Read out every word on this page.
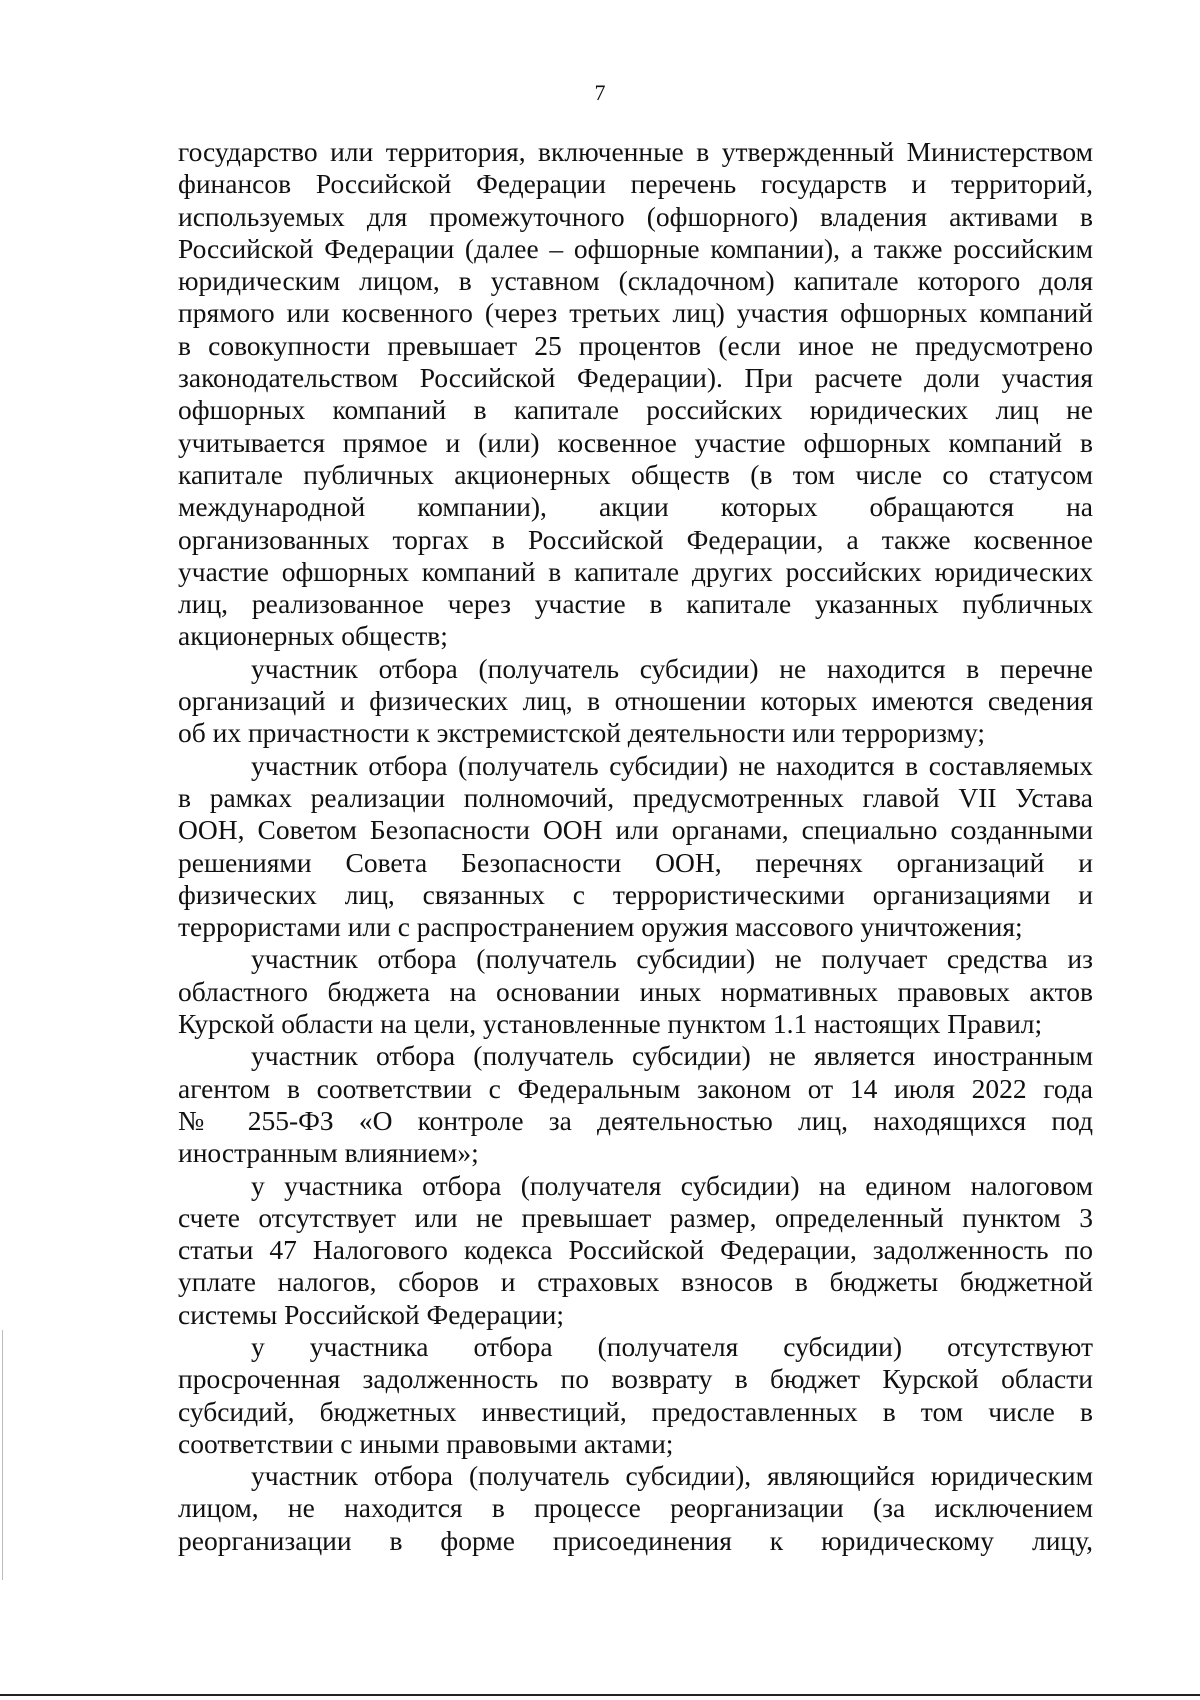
7
государство или территория, включенные в утвержденный Министерством
финансов Российской Федерации перечень государств и территорий,
используемых для промежуточного (офшорного) владения активами в
Российской Федерации (далее – офшорные компании), а также российским
юридическим лицом, в уставном (складочном) капитале которого доля
прямого или косвенного (через третьих лиц) участия офшорных компаний
в совокупности превышает 25 процентов (если иное не предусмотрено
законодательством Российской Федерации). При расчете доли участия
офшорных компаний в капитале российских юридических лиц не
учитывается прямое и (или) косвенное участие офшорных компаний в
капитале публичных акционерных обществ (в том числе со статусом
международной компании), акции которых обращаются на
организованных торгах в Российской Федерации, а также косвенное
участие офшорных компаний в капитале других российских юридических
лиц, реализованное через участие в капитале указанных публичных
акционерных обществ;
участник отбора (получатель субсидии) не находится в перечне
организаций и физических лиц, в отношении которых имеются сведения
об их причастности к экстремистской деятельности или терроризму;
участник отбора (получатель субсидии) не находится в составляемых
в рамках реализации полномочий, предусмотренных главой VII Устава
ООН, Советом Безопасности ООН или органами, специально созданными
решениями Совета Безопасности ООН, перечнях организаций и
физических лиц, связанных с террористическими организациями и
террористами или с распространением оружия массового уничтожения;
участник отбора (получатель субсидии) не получает средства из
областного бюджета на основании иных нормативных правовых актов
Курской области на цели, установленные пунктом 1.1 настоящих Правил;
участник отбора (получатель субсидии) не является иностранным
агентом в соответствии с Федеральным законом от 14 июля 2022 года
№ 255-ФЗ «О контроле за деятельностью лиц, находящихся под
иностранным влиянием»;
у участника отбора (получателя субсидии) на едином налоговом
счете отсутствует или не превышает размер, определенный пунктом 3
статьи 47 Налогового кодекса Российской Федерации, задолженность по
уплате налогов, сборов и страховых взносов в бюджеты бюджетной
системы Российской Федерации;
у участника отбора (получателя субсидии) отсутствуют
просроченная задолженность по возврату в бюджет Курской области
субсидий, бюджетных инвестиций, предоставленных в том числе в
соответствии с иными правовыми актами;
участник отбора (получатель субсидии), являющийся юридическим
лицом, не находится в процессе реорганизации (за исключением
реорганизации в форме присоединения к юридическому лицу,
